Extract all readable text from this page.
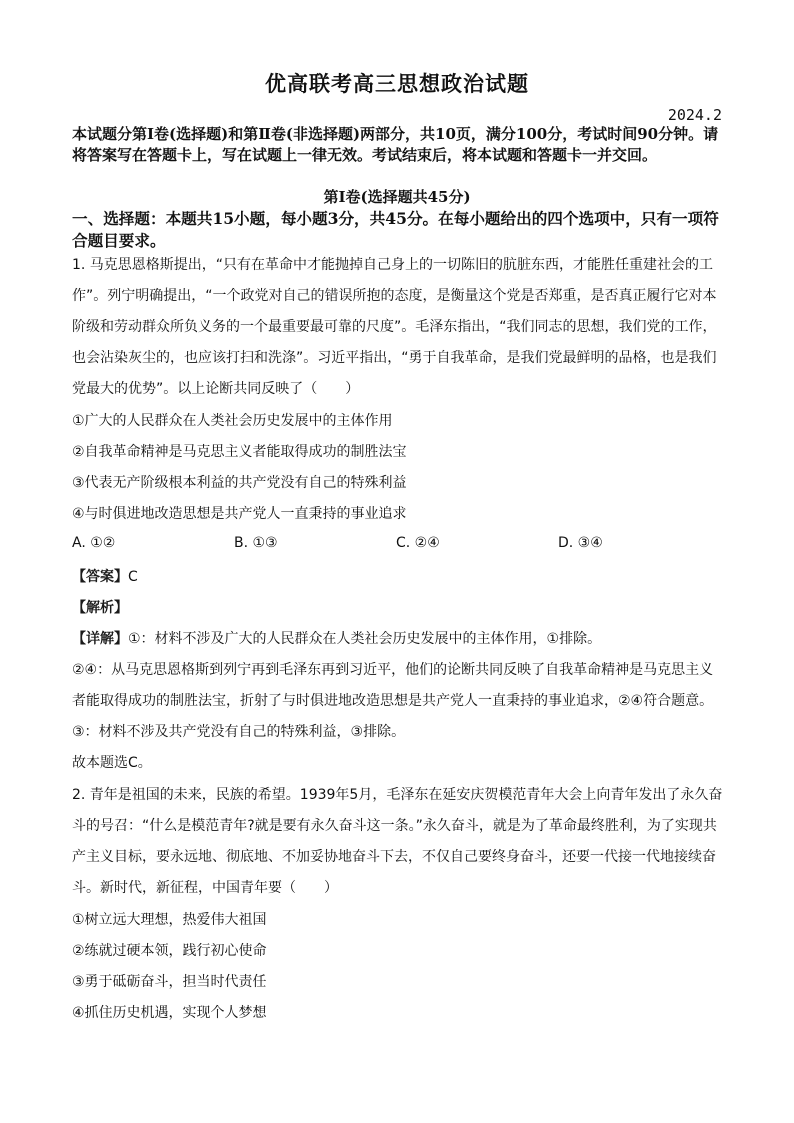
优高联考高三思想政治试题
2024.2
本试题分第Ⅰ卷(选择题)和第Ⅱ卷(非选择题)两部分，共10页，满分100分，考试时间90分钟。请将答案写在答题卡上，写在试题上一律无效。考试结束后，将本试题和答题卡一并交回。
第Ⅰ卷(选择题共45分)
一、选择题：本题共15小题，每小题3分，共45分。在每小题给出的四个选项中，只有一项符合题目要求。
1. 马克思恩格斯提出，“只有在革命中才能抛掉自己身上的一切陈旧的肮脏东西，才能胜任重建社会的工作”。列宁明确提出，“一个政党对自己的错误所抱的态度，是衡量这个党是否郑重，是否真正履行它对本阶级和劳动群众所负义务的一个最重要最可靠的尺度”。毛泽东指出，“我们同志的思想，我们党的工作，也会沾染灰尘的，也应该打扫和洗涤”。习近平指出，“勇于自我革命，是我们党最鲜明的品格，也是我们党最大的优势”。以上论断共同反映了（　　）
①广大的人民群众在人类社会历史发展中的主体作用
②自我革命精神是马克思主义者能取得成功的制胜法宝
③代表无产阶级根本利益的共产党没有自己的特殊利益
④与时俱进地改造思想是共产党人一直秉持的事业追求
A. ①②	B. ①③	C. ②④	D. ③④
【答案】C
【解析】
【详解】①：材料不涉及广大的人民群众在人类社会历史发展中的主体作用，①排除。
②④：从马克思恩格斯到列宁再到毛泽东再到习近平，他们的论断共同反映了自我革命精神是马克思主义
者能取得成功的制胜法宝，折射了与时俱进地改造思想是共产党人一直秉持的事业追求，②④符合题意。
③：材料不涉及共产党没有自己的特殊利益，③排除。
故本题选C。
2. 青年是祖国的未来，民族的希望。1939年5月，毛泽东在延安庆贺模范青年大会上向青年发出了永久奋斗的号召：“什么是模范青年?就是要有永久奋斗这一条。”永久奋斗，就是为了革命最终胜利，为了实现共产主义目标，要永远地、彻底地、不加妥协地奋斗下去，不仅自己要终身奋斗，还要一代接一代地接续奋斗。新时代，新征程，中国青年要（　　）
①树立远大理想，热爱伟大祖国
②练就过硬本领，践行初心使命
③勇于砥砺奋斗，担当时代责任
④抓住历史机遇，实现个人梦想
